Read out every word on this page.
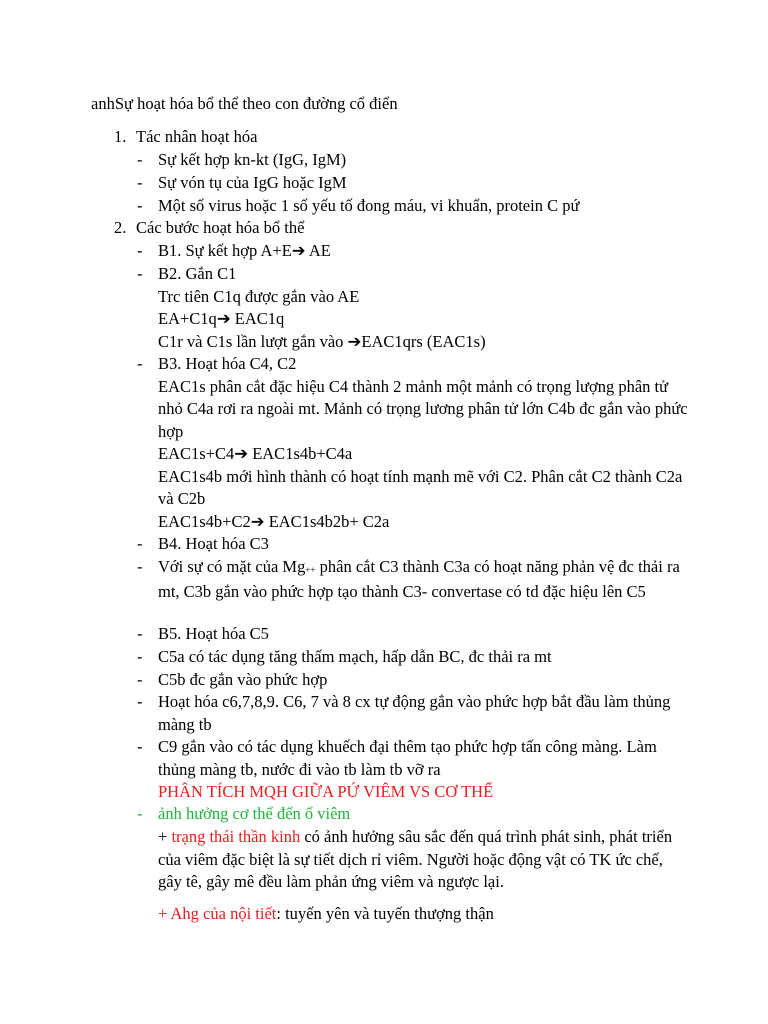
anhSự hoạt hóa bổ thể theo con đường cổ điển
1. Tác nhân hoạt hóa
- Sự kết hợp kn-kt (IgG, IgM)
- Sự vón tụ của IgG hoặc IgM
- Một số virus hoặc 1 số yếu tố đong máu, vi khuẩn, protein C pứ
2. Các bước hoạt hóa bổ thể
- B1. Sự kết hợp A+E➔ AE
- B2. Gắn C1
Trc tiên C1q được gắn vào AE
EA+C1q➔ EAC1q
C1r và C1s lần lượt gắn vào ➔EAC1qrs (EAC1s)
- B3. Hoạt hóa C4, C2
EAC1s phân cắt đặc hiệu C4 thành 2 mảnh một mảnh có trọng lượng phân tử nhỏ C4a rơi ra ngoài mt. Mảnh có trọng lương phân tử lớn C4b đc gắn vào phức hợp
EAC1s+C4➔ EAC1s4b+C4a
EAC1s4b mới hình thành có hoạt tính mạnh mẽ với C2. Phân cắt C2 thành C2a và C2b
EAC1s4b+C2➔ EAC1s4b2b+ C2a
- B4. Hoạt hóa C3
- Với sự có mặt của Mg++ phân cắt C3 thành C3a có hoạt năng phản vệ đc thải ra mt, C3b gắn vào phức hợp tạo thành C3- convertase có td đặc hiệu lên C5
- B5. Hoạt hóa C5
- C5a có tác dụng tăng thấm mạch, hấp dẫn BC, đc thải ra mt
- C5b đc gắn vào phức hợp
- Hoạt hóa c6,7,8,9. C6, 7 và 8 cx tự động gắn vào phức hợp bắt đầu làm thủng màng tb
- C9 gắn vào có tác dụng khuếch đại thêm tạo phức hợp tấn công màng. Làm thủng màng tb, nước đi vào tb làm tb vỡ ra
PHÂN TÍCH MQH GIỮA PỨ VIÊM VS CƠ THỂ
- ảnh hưởng cơ thể đến ổ viêm
+ trạng thái thần kinh có ảnh hưởng sâu sắc đến quá trình phát sinh, phát triển của viêm đặc biệt là sự tiết dịch rỉ viêm. Người hoặc động vật có TK ức chế, gây tê, gây mê đều làm phản ứng viêm và ngược lại.
+ Ahg của nội tiết: tuyến yên và tuyến thượng thận
